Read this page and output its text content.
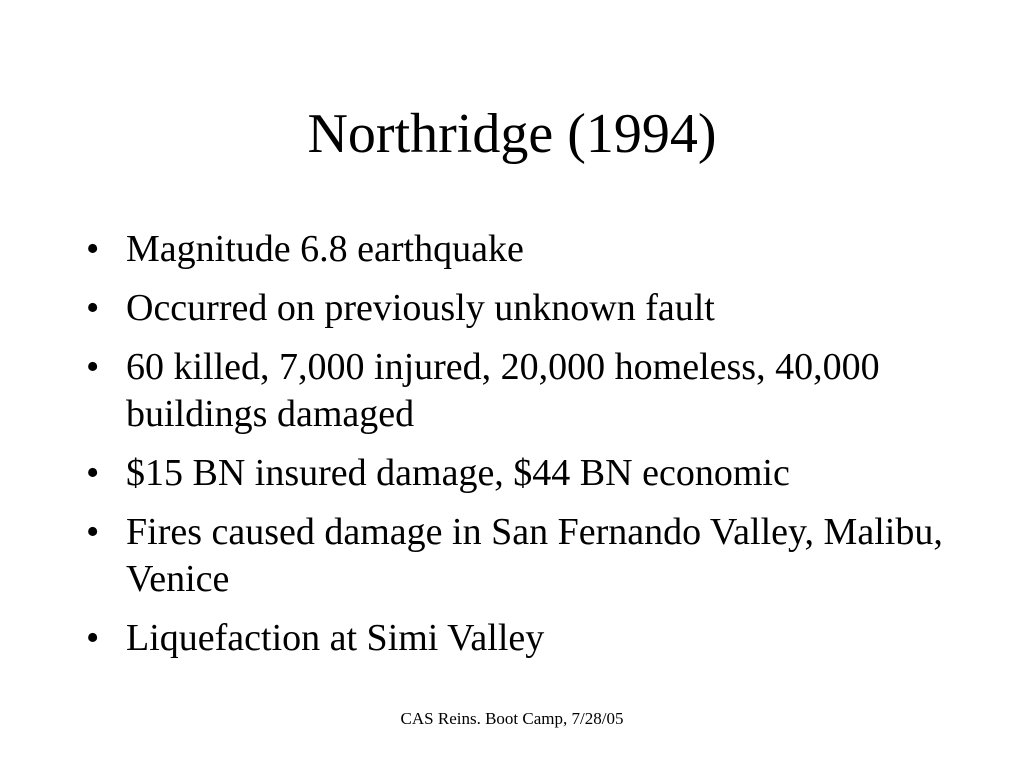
Northridge (1994)
• Magnitude 6.8 earthquake
• Occurred on previously unknown fault
• 60 killed, 7,000 injured, 20,000 homeless, 40,000 buildings damaged
• $15 BN insured damage, $44 BN economic
• Fires caused damage in San Fernando Valley, Malibu, Venice
• Liquefaction at Simi Valley
CAS Reins. Boot Camp, 7/28/05
